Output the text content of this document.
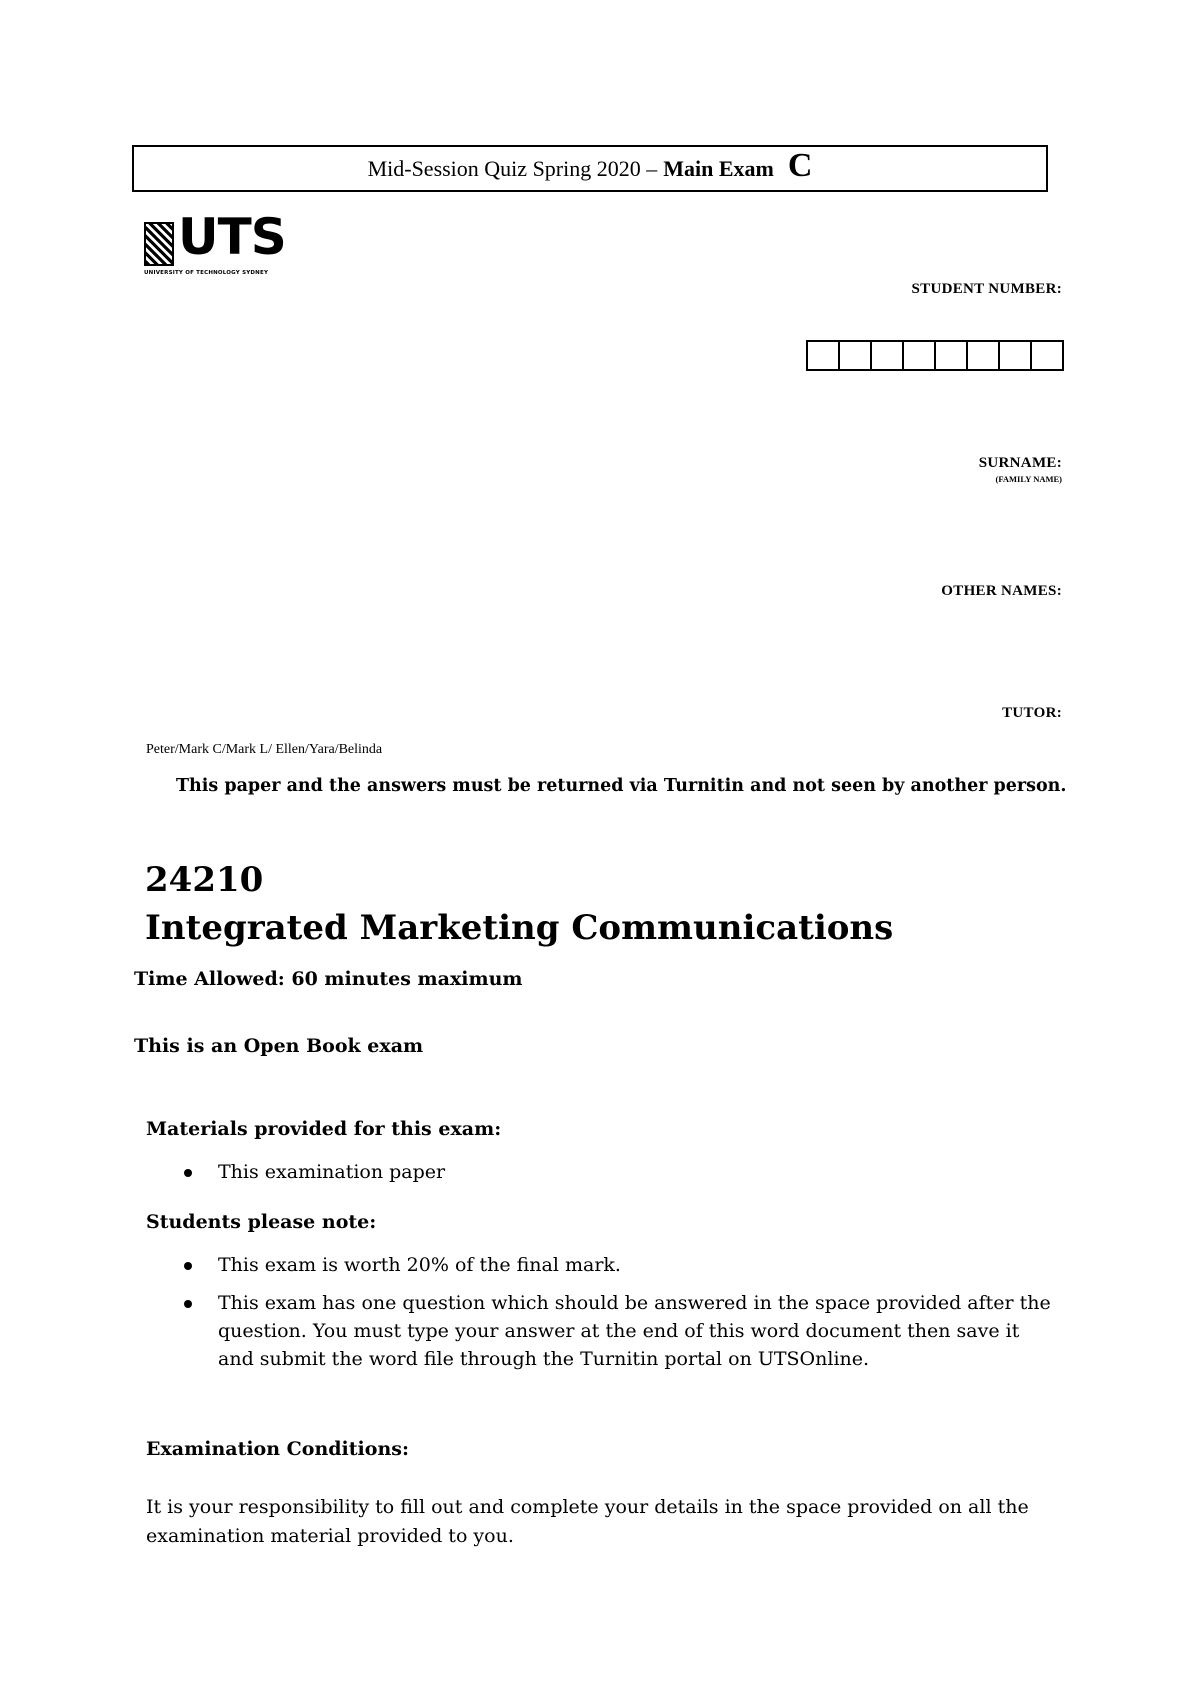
Mid-Session Quiz Spring 2020 – Main Exam C
UTS
UNIVERSITY OF TECHNOLOGY SYDNEY
STUDENT NUMBER:
SURNAME:
(FAMILY NAME)
OTHER NAMES:
TUTOR:
Peter/Mark C/Mark L/ Ellen/Yara/Belinda
This paper and the answers must be returned via Turnitin and not seen by another person.
24210
Integrated Marketing Communications
Time Allowed: 60 minutes maximum
This is an Open Book exam
Materials provided for this exam:
This examination paper
Students please note:
This exam is worth 20% of the final mark.
This exam has one question which should be answered in the space provided after the question. You must type your answer at the end of this word document then save it and submit the word file through the Turnitin portal on UTSOnline.
Examination Conditions:
It is your responsibility to fill out and complete your details in the space provided on all the examination material provided to you.
